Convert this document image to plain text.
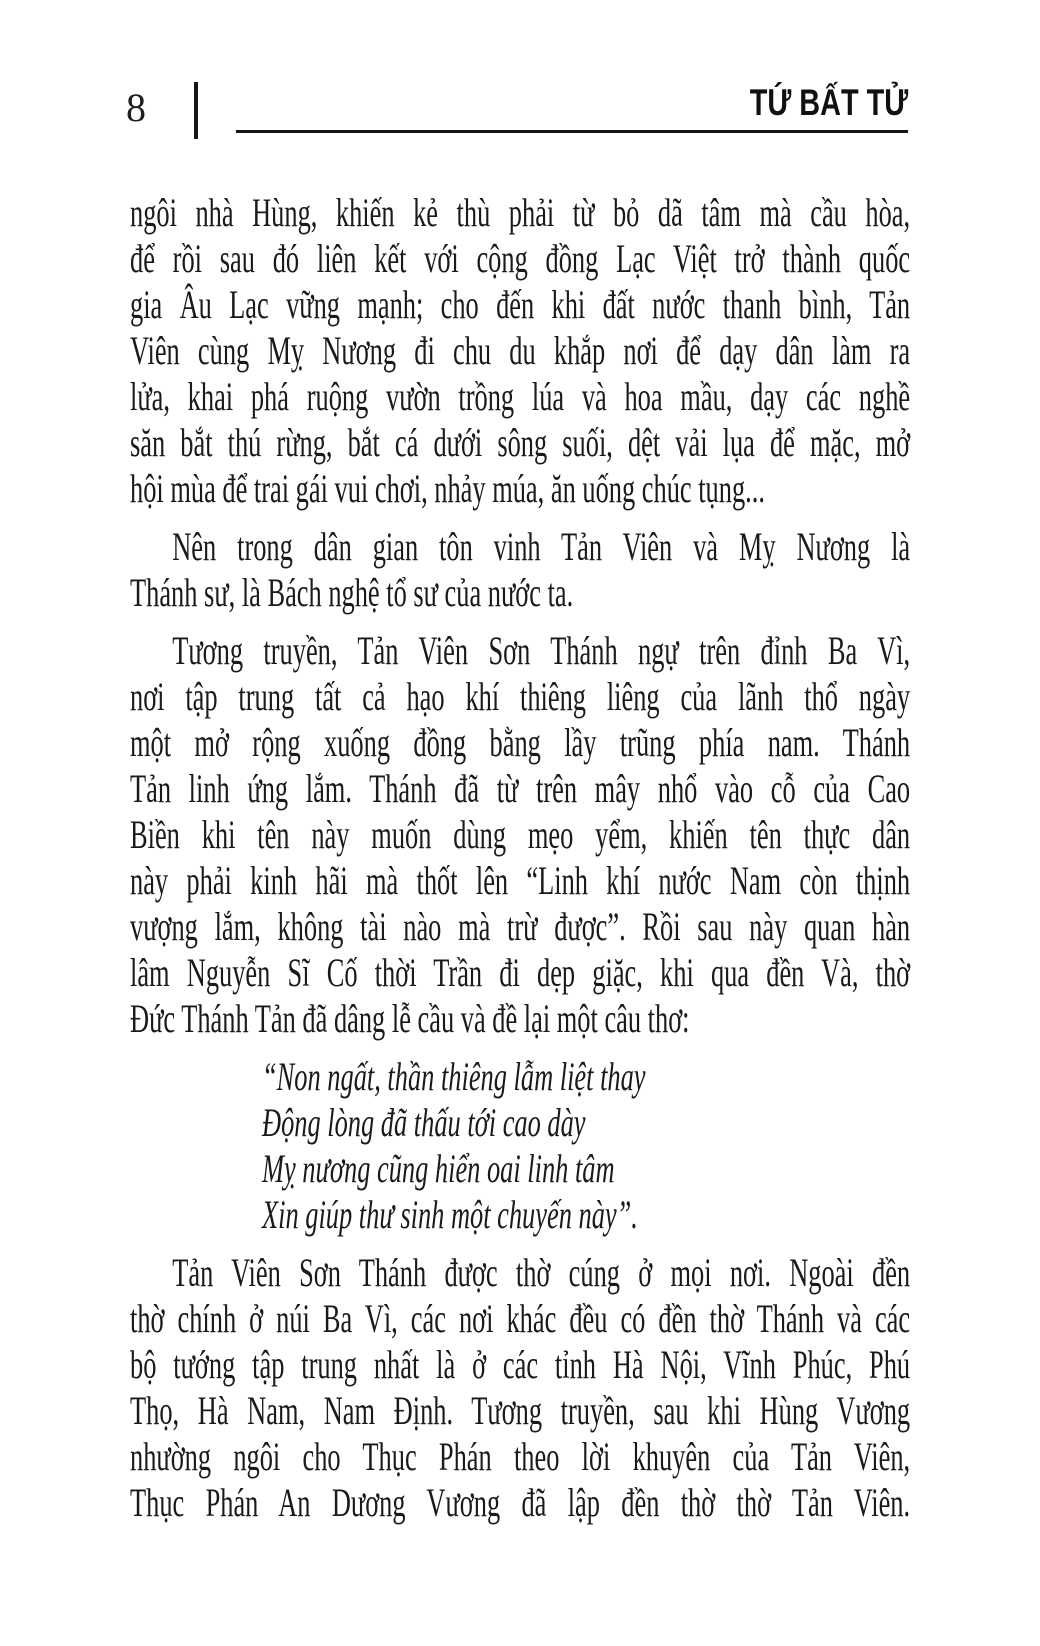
8	TỨ BẤT TỬ
ngôi nhà Hùng, khiến kẻ thù phải từ bỏ dã tâm mà cầu hòa,
để rồi sau đó liên kết với cộng đồng Lạc Việt trở thành quốc
gia Âu Lạc vững mạnh; cho đến khi đất nước thanh bình, Tản
Viên cùng Mỵ Nương đi chu du khắp nơi để dạy dân làm ra
lửa, khai phá ruộng vườn trồng lúa và hoa mầu, dạy các nghề
săn bắt thú rừng, bắt cá dưới sông suối, dệt vải lụa để mặc, mở
hội mùa để trai gái vui chơi, nhảy múa, ăn uống chúc tụng...
Nên trong dân gian tôn vinh Tản Viên và Mỵ Nương là
Thánh sư, là Bách nghệ tổ sư của nước ta.
Tương truyền, Tản Viên Sơn Thánh ngự trên đỉnh Ba Vì,
nơi tập trung tất cả hạo khí thiêng liêng của lãnh thổ ngày
một mở rộng xuống đồng bằng lầy trũng phía nam. Thánh
Tản linh ứng lắm. Thánh đã từ trên mây nhổ vào cỗ của Cao
Biền khi tên này muốn dùng mẹo yểm, khiến tên thực dân
này phải kinh hãi mà thốt lên “Linh khí nước Nam còn thịnh
vượng lắm, không tài nào mà trừ được”. Rồi sau này quan hàn
lâm Nguyễn Sĩ Cố thời Trần đi dẹp giặc, khi qua đền Và, thờ
Đức Thánh Tản đã dâng lễ cầu và đề lại một câu thơ:
“Non ngất, thần thiêng lẫm liệt thay
Động lòng đã thấu tới cao dày
Mỵ nương cũng hiển oai linh tâm
Xin giúp thư sinh một chuyến này”.
Tản Viên Sơn Thánh được thờ cúng ở mọi nơi. Ngoài đền
thờ chính ở núi Ba Vì, các nơi khác đều có đền thờ Thánh và các
bộ tướng tập trung nhất là ở các tỉnh Hà Nội, Vĩnh Phúc, Phú
Thọ, Hà Nam, Nam Định. Tương truyền, sau khi Hùng Vương
nhường ngôi cho Thục Phán theo lời khuyên của Tản Viên,
Thục Phán An Dương Vương đã lập đền thờ thờ Tản Viên.
